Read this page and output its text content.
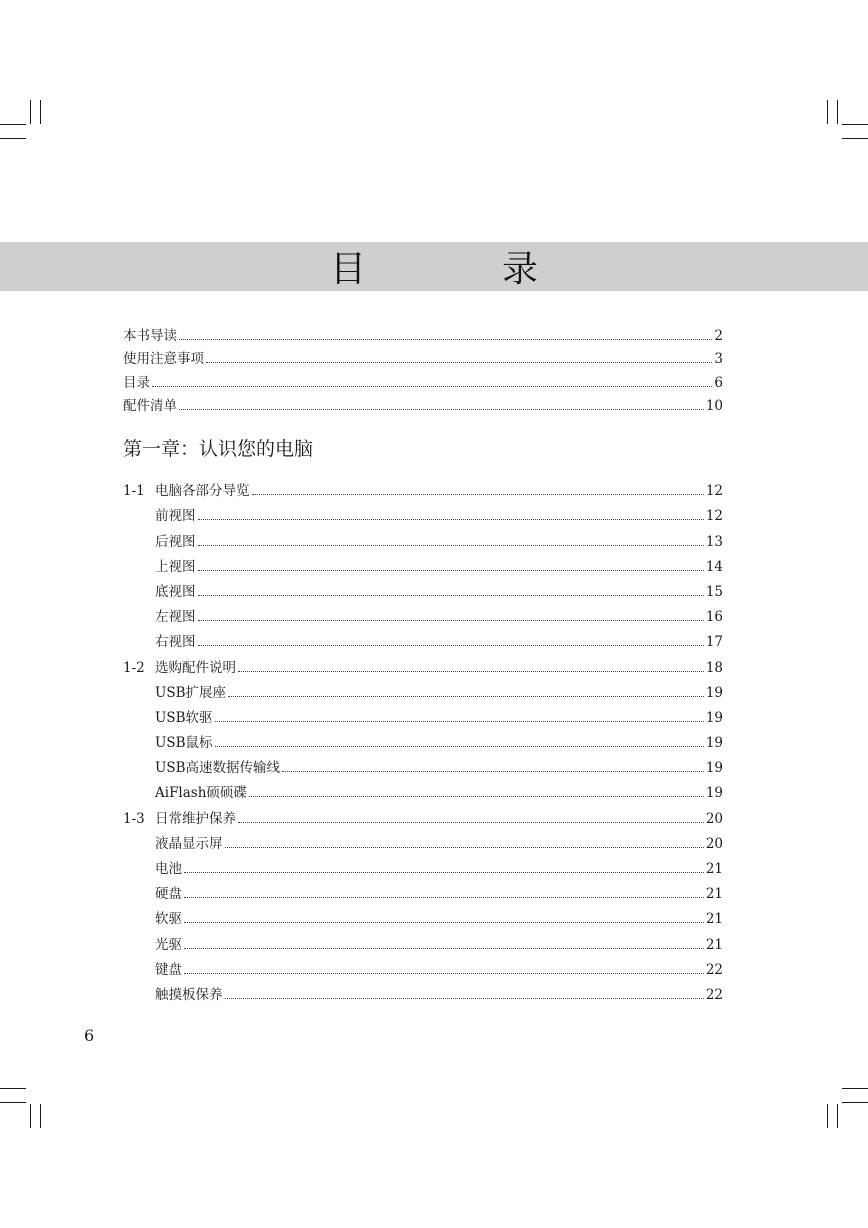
目　录
本书导读	2
使用注意事项	3
目录	6
配件清单	10
第一章：认识您的电脑
1-1 电脑各部分导览	12
前视图	12
后视图	13
上视图	14
底视图	15
左视图	16
右视图	17
1-2 选购配件说明	18
USB扩展座	19
USB软驱	19
USB鼠标	19
USB高速数据传输线	19
AiFlash硕硕碟	19
1-3 日常维护保养	20
液晶显示屏	20
电池	21
硬盘	21
软驱	21
光驱	21
键盘	22
触摸板保养	22
6
